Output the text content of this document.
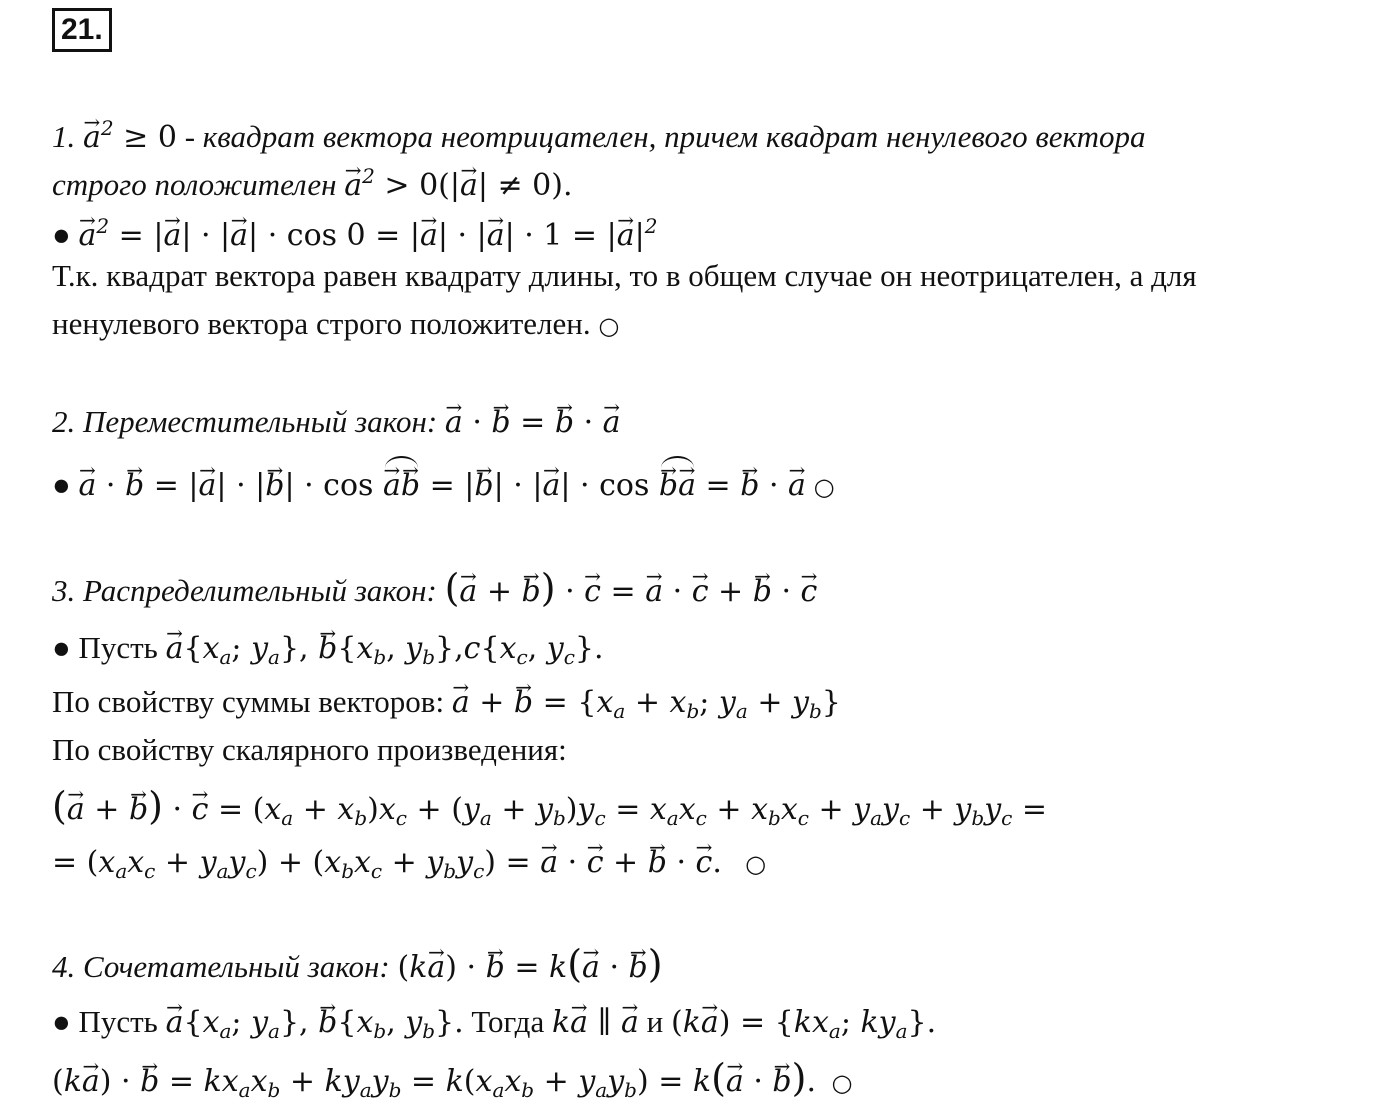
21.
1. a →$^2$ ≥ 0 - квадрат вектора неотрицателен, причем квадрат ненулевого вектора
строго положителен a →$^2$ > 0(|a →| ≠ 0).
● a →$^2$ = |a →| · |a →| · cos 0 = |a →| · |a →| · $1 = |a \to|^2$
Т.к. квадрат вектора равен квадрату длины, то в общем случае он неотрицателен, а для
ненулевого вектора строго положителен. ○
2. Переместительный закон: a → · b → = b → · a →
● a → · b → = |a →| · |b →| · cos a →b → = |b →| · |a →| · cos b →a → = b → · a → ○
3. Распределительный закон: (a → + b →) · c → = a → · c → + b → · c →
● Пусть $a \to\{x_a$; $y_a$}, $b \to\{x_b$, $y_b\},c\{x_c$, $y_c$}.
По свойству суммы векторов: a → + b → = {$x_a + x_b$; $y_a + y_b$}
По свойству скалярного произведения:
(a → + b →) · c → = $(x_a + x_b)x_c + (y_a + y_b)y_c = x_ax_c + x_bx_c + y_ay_c + y_by_c$ =
= $(x_ax_c + y_ay_c) + (x_bx_c + y_by_c) = a$ → · c → + b → · c →. ○
4. Сочетательный закон: (ka →) · b → = k(a → · b →)
● Пусть $a \to\{x_a$; $y_a$}, $b \to\{x_b$, $y_b$}. Тогда ka → ∥ a → и (ka →) = {$kx_a$; $ky_a$}.
(ka →) · b → = $kx_ax_b + ky_ay_b = k(x_ax_b + y_ay_b) = k(a$ → · b →). ○
